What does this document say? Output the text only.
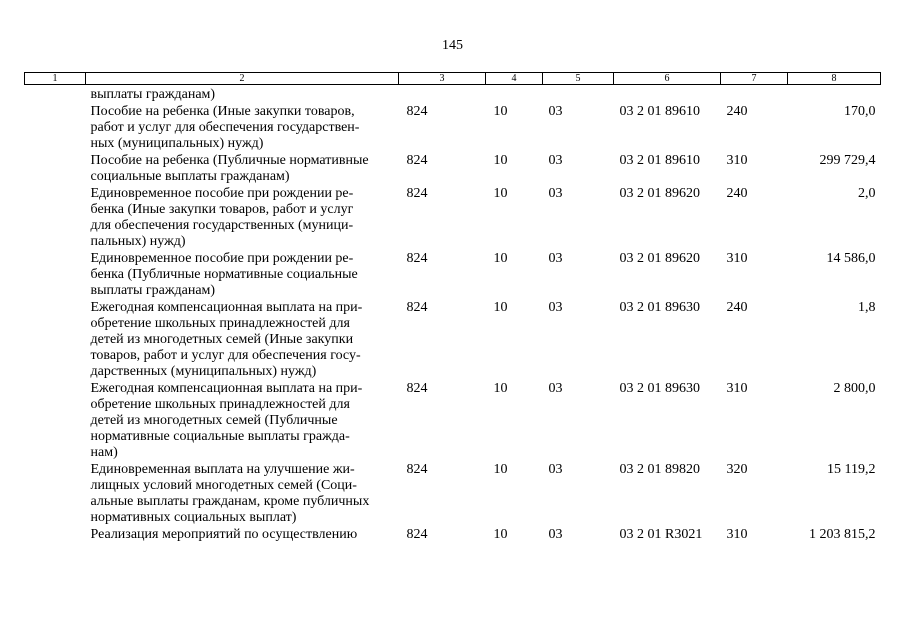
145
1	2	3	4	5	6	7	8
	выплаты гражданам)						

	Пособие на ребенка (Иные закупки товаров,
работ и услуг для обеспечения государствен-
ных (муниципальных) нужд)	824	10	03	03 2 01 89610	240	170,0

	Пособие на ребенка (Публичные нормативные
социальные выплаты гражданам)	824	10	03	03 2 01 89610	310	299 729,4

	Единовременное пособие при рождении ре-
бенка (Иные закупки товаров, работ и услуг
для обеспечения государственных (муници-
пальных) нужд)	824	10	03	03 2 01 89620	240	2,0

	Единовременное пособие при рождении ре-
бенка (Публичные нормативные социальные
выплаты гражданам)	824	10	03	03 2 01 89620	310	14 586,0

	Ежегодная компенсационная выплата на при-
обретение школьных принадлежностей для
детей из многодетных семей (Иные закупки
товаров, работ и услуг для обеспечения госу-
дарственных (муниципальных) нужд)	824	10	03	03 2 01 89630	240	1,8

	Ежегодная компенсационная выплата на при-
обретение школьных принадлежностей для
детей из многодетных семей (Публичные
нормативные социальные выплаты гражда-
нам)	824	10	03	03 2 01 89630	310	2 800,0

	Единовременная выплата на улучшение жи-
лищных условий многодетных семей (Соци-
альные выплаты гражданам, кроме публичных
нормативных социальных выплат)	824	10	03	03 2 01 89820	320	15 119,2

	Реализация мероприятий по осуществлению	824	10	03	03 2 01 R3021	310	1 203 815,2
